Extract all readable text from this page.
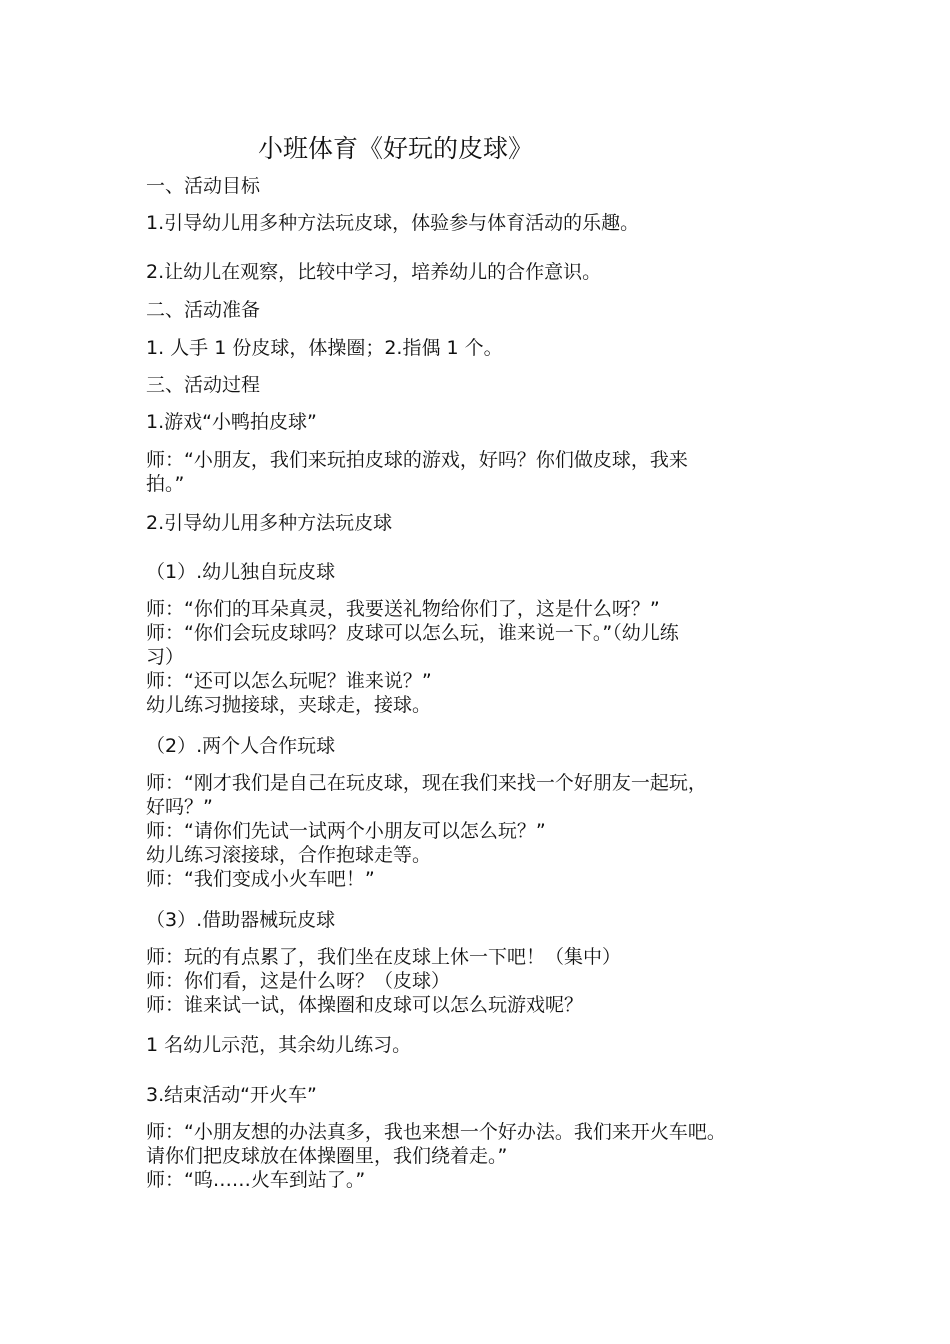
小班体育《好玩的皮球》
一、活动目标
1.引导幼儿用多种方法玩皮球，体验参与体育活动的乐趣。
2.让幼儿在观察，比较中学习，培养幼儿的合作意识。
二、活动准备
1. 人手 1 份皮球，体操圈；2.指偶 1 个。
三、活动过程
1.游戏“小鸭拍皮球”
师：“小朋友，我们来玩拍皮球的游戏，好吗？你们做皮球，我来
拍。”
2.引导幼儿用多种方法玩皮球
（1）.幼儿独自玩皮球
师：“你们的耳朵真灵，我要送礼物给你们了，这是什么呀？”
师：“你们会玩皮球吗？皮球可以怎么玩，谁来说一下。”（幼儿练
习）
师：“还可以怎么玩呢？谁来说？”
幼儿练习抛接球，夹球走，接球。
（2）.两个人合作玩球
师：“刚才我们是自己在玩皮球，现在我们来找一个好朋友一起玩，
好吗？”
师：“请你们先试一试两个小朋友可以怎么玩？”
幼儿练习滚接球，合作抱球走等。
师：“我们变成小火车吧！”
（3）.借助器械玩皮球
师：玩的有点累了，我们坐在皮球上休一下吧！（集中）
师：你们看，这是什么呀？（皮球）
师：谁来试一试，体操圈和皮球可以怎么玩游戏呢？
1 名幼儿示范，其余幼儿练习。
3.结束活动“开火车”
师：“小朋友想的办法真多，我也来想一个好办法。我们来开火车吧。
请你们把皮球放在体操圈里，我们绕着走。”
师：“呜……火车到站了。”
